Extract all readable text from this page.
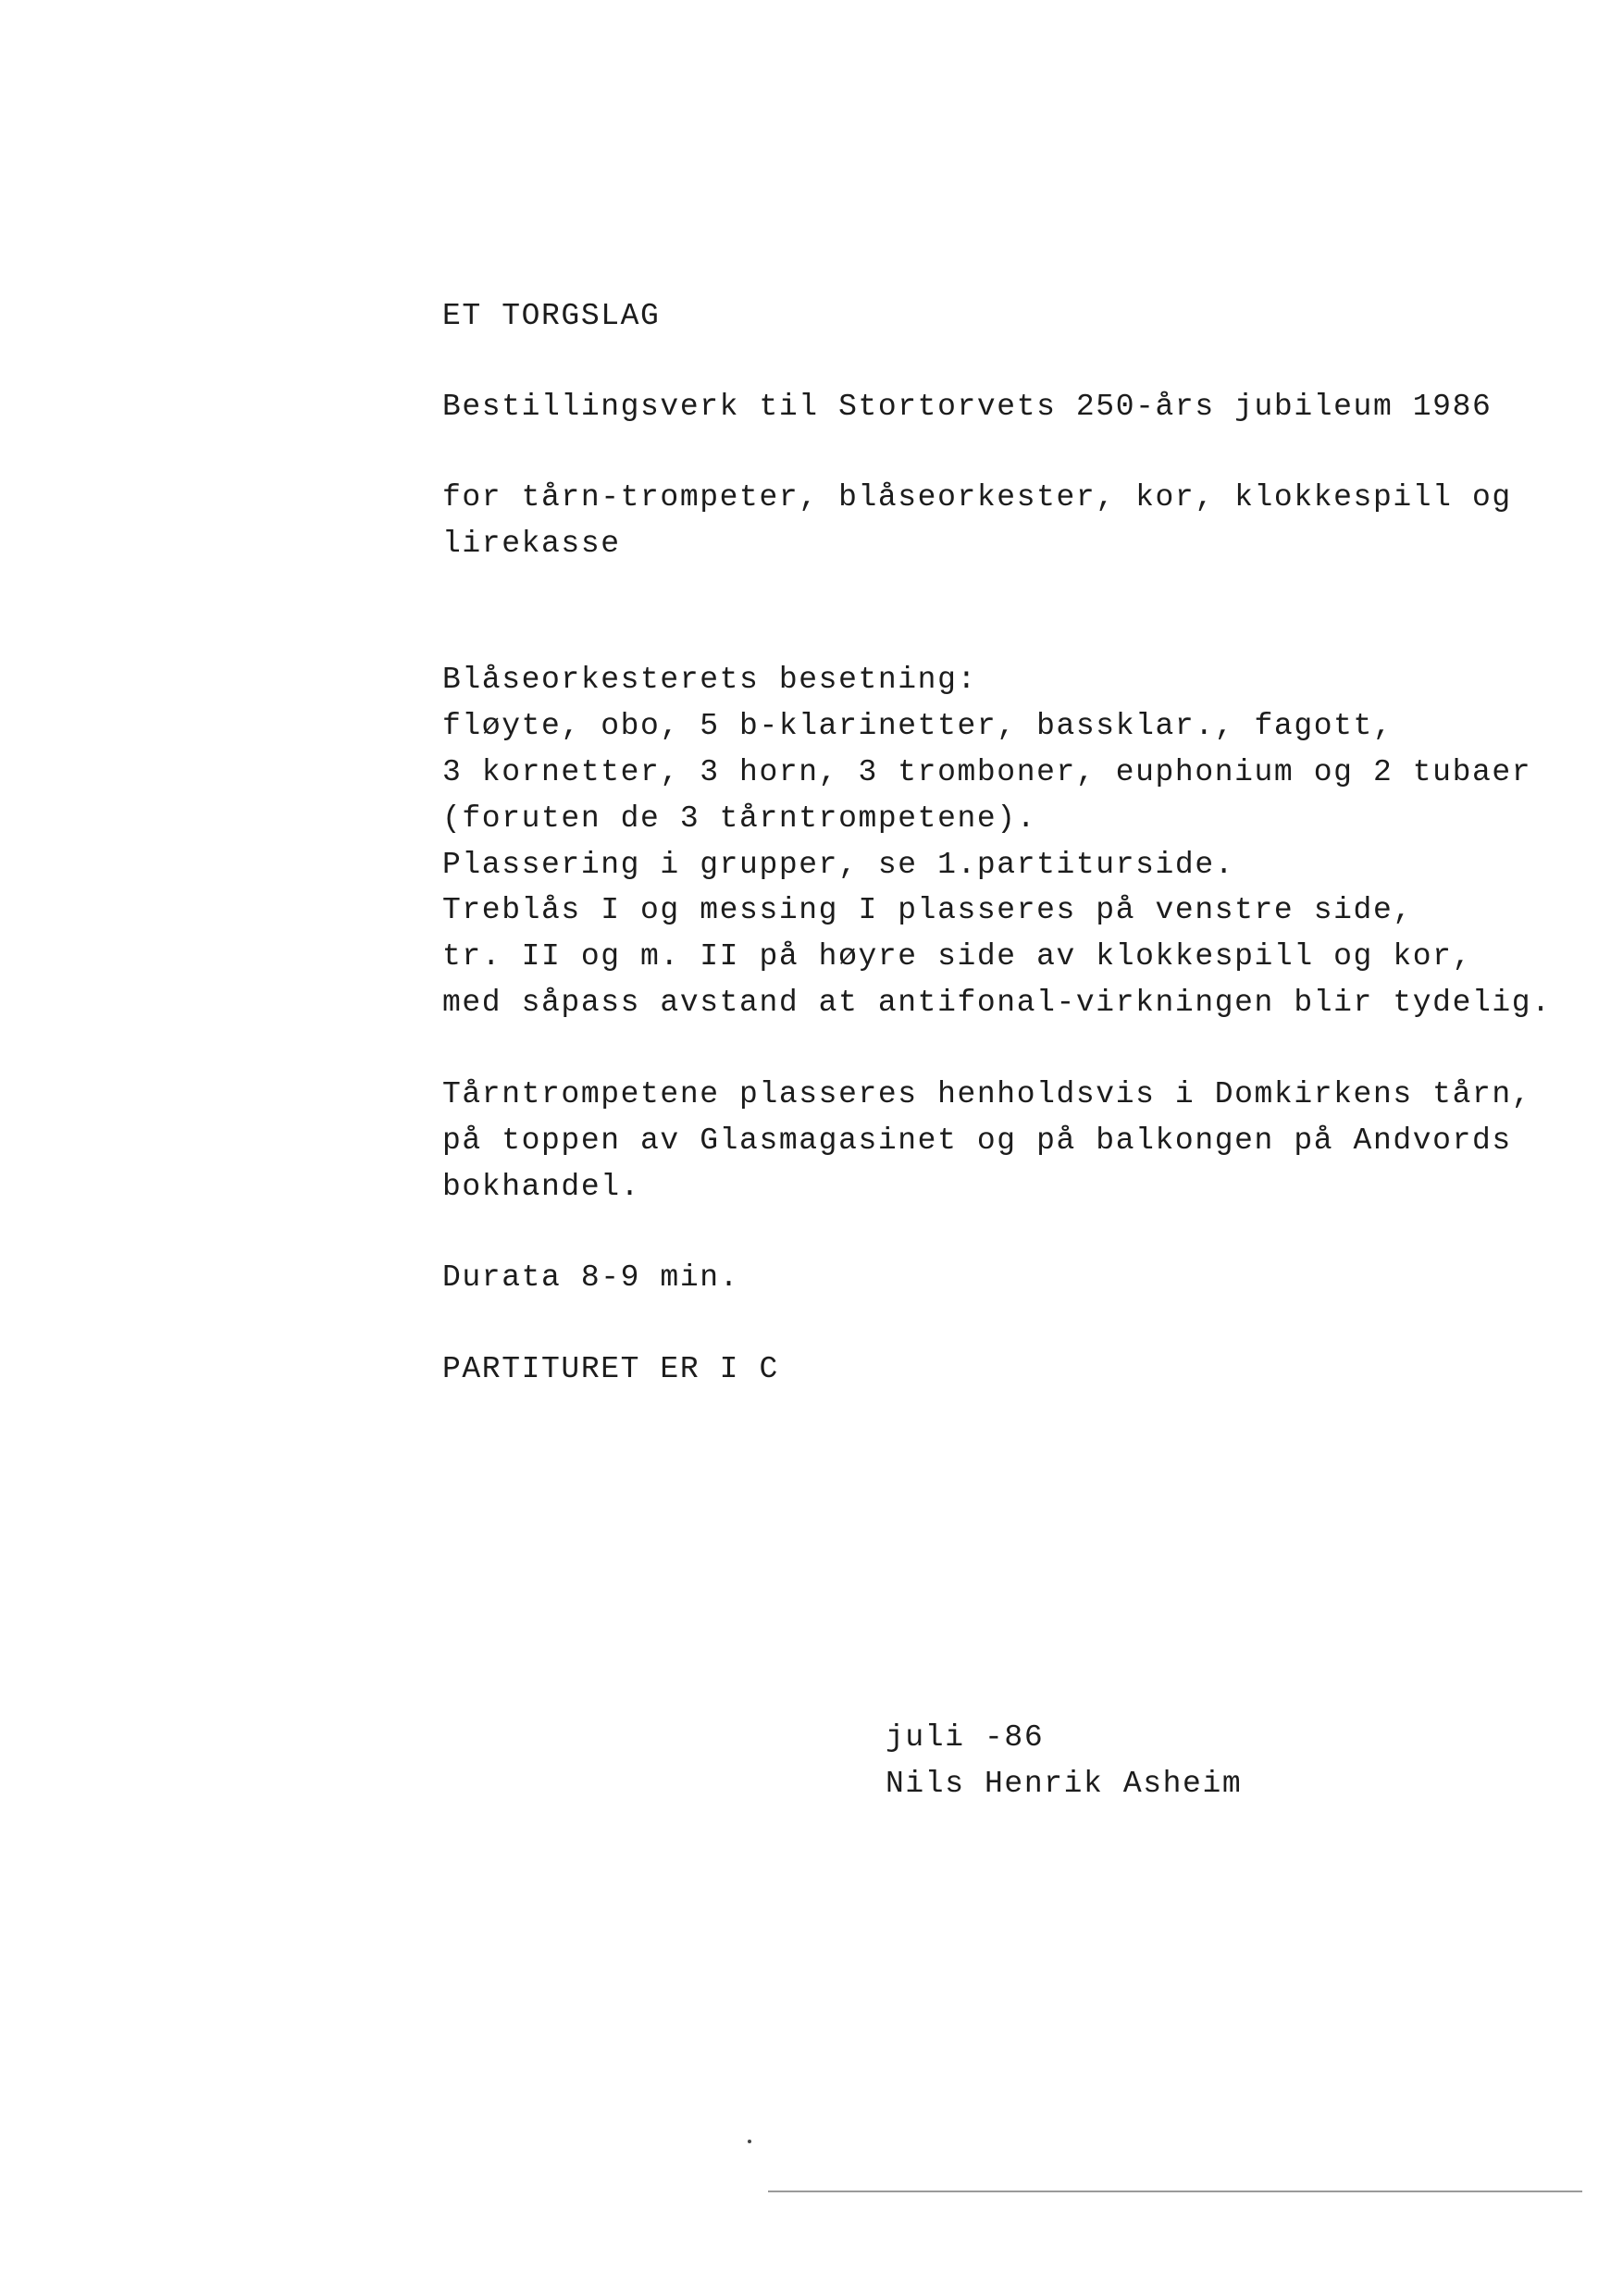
ET TORGSLAG
Bestillingsverk til Stortorvets 250-års jubileum 1986
for tårn-trompeter, blåseorkester, kor, klokkespill og
lirekasse
Blåseorkesterets besetning:
fløyte, obo, 5 b-klarinetter, bassklar., fagott,
3 kornetter, 3 horn, 3 tromboner, euphonium og 2 tubaer
(foruten de 3 tårntrompetene).
Plassering i grupper, se 1.partiturside.
Treblås I og messing I plasseres på venstre side,
tr. II og m. II på høyre side av klokkespill og kor,
med såpass avstand at antifonal-virkningen blir tydelig.
Tårntrompetene plasseres henholdsvis i Domkirkens tårn,
på toppen av Glasmagasinet og på balkongen på Andvords
bokhandel.
Durata 8-9 min.
PARTITURET ER I C
juli -86
Nils Henrik Asheim
